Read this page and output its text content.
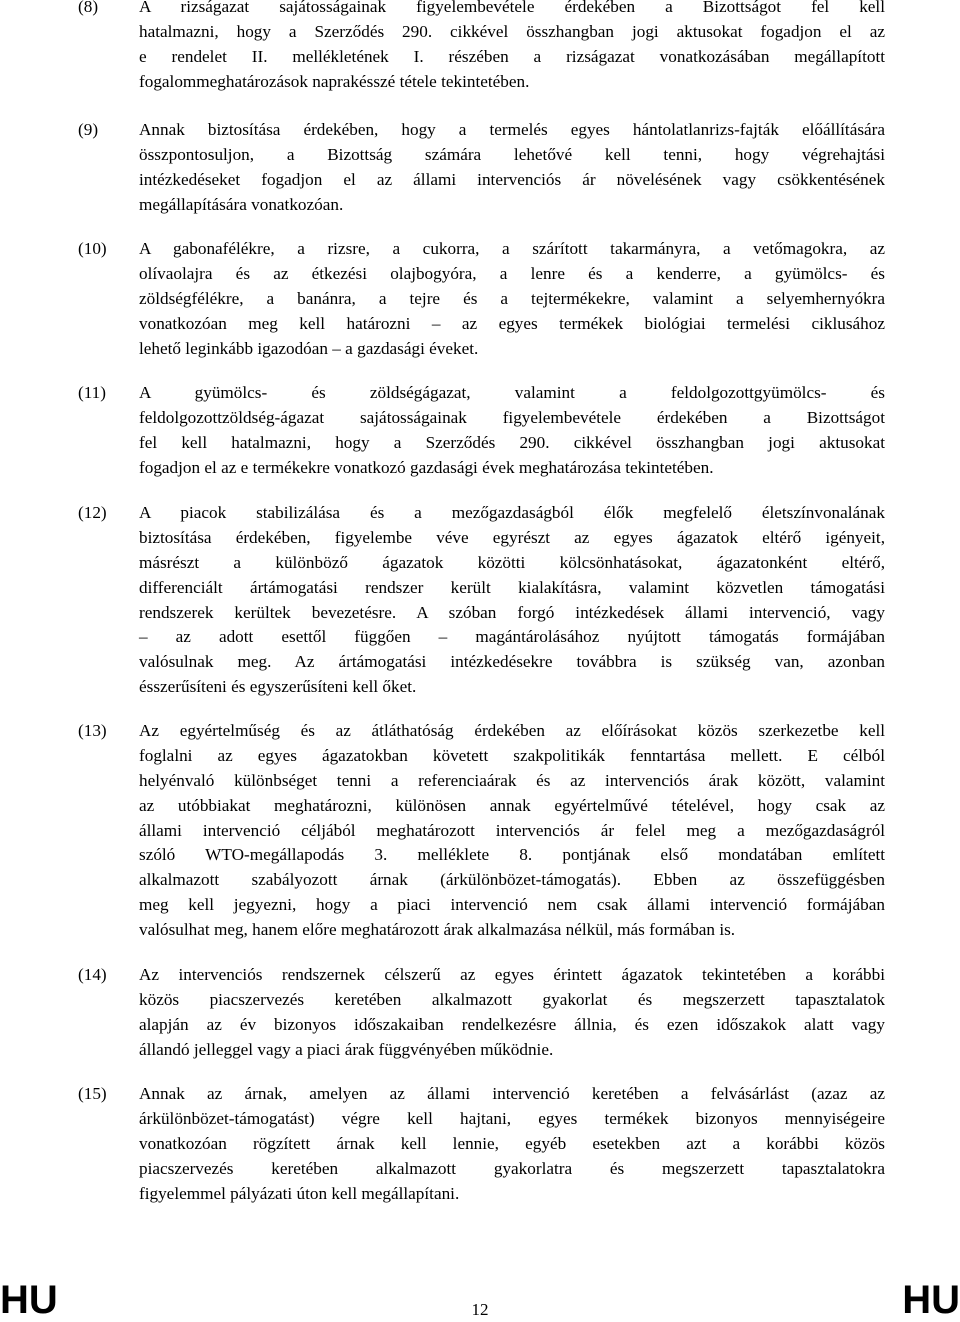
(8) A rizságazat sajátosságainak figyelembevétele érdekében a Bizottságot fel kell
hatalmazni, hogy a Szerződés 290. cikkével összhangban jogi aktusokat fogadjon el az
e rendelet II. mellékletének I. részében a rizságazat vonatkozásában megállapított
fogalommeghatározások naprakésszé tétele tekintetében.
(9) Annak biztosítása érdekében, hogy a termelés egyes hántolatlanrizs-fajták előállítására
összpontosuljon, a Bizottság számára lehetővé kell tenni, hogy végrehajtási
intézkedéseket fogadjon el az állami intervenciós ár növelésének vagy csökkentésének
megállapítására vonatkozóan.
(10) A gabonafélékre, a rizsre, a cukorra, a szárított takarmányra, a vetőmagokra, az
olívaolajra és az étkezési olajbogyóra, a lenre és a kenderre, a gyümölcs- és
zöldségfélékre, a banánra, a tejre és a tejtermékekre, valamint a selyemhernyókra
vonatkozóan meg kell határozni – az egyes termékek biológiai termelési ciklusához
lehető leginkább igazodóan – a gazdasági éveket.
(11) A gyümölcs- és zöldségágazat, valamint a feldolgozottgyümölcs- és
feldolgozottzöldség-ágazat sajátosságainak figyelembevétele érdekében a Bizottságot
fel kell hatalmazni, hogy a Szerződés 290. cikkével összhangban jogi aktusokat
fogadjon el az e termékekre vonatkozó gazdasági évek meghatározása tekintetében.
(12) A piacok stabilizálása és a mezőgazdaságból élők megfelelő életszínvonalának
biztosítása érdekében, figyelembe véve egyrészt az egyes ágazatok eltérő igényeit,
másrészt a különböző ágazatok közötti kölcsönhatásokat, ágazatonként eltérő,
differenciált ártámogatási rendszer került kialakításra, valamint közvetlen támogatási
rendszerek kerültek bevezetésre. A szóban forgó intézkedések állami intervenció, vagy
– az adott esettől függően – magántárolásához nyújtott támogatás formájában
valósulnak meg. Az ártámogatási intézkedésekre továbbra is szükség van, azonban
ésszerűsíteni és egyszerűsíteni kell őket.
(13) Az egyértelműség és az átláthatóság érdekében az előírásokat közös szerkezetbe kell
foglalni az egyes ágazatokban követett szakpolitikák fenntartása mellett. E célból
helyénvaló különbséget tenni a referenciaárak és az intervenciós árak között, valamint
az utóbbiakat meghatározni, különösen annak egyértelművé tételével, hogy csak az
állami intervenció céljából meghatározott intervenciós ár felel meg a mezőgazdaságról
szóló WTO-megállapodás 3. melléklete 8. pontjának első mondatában említett
alkalmazott szabályozott árnak (árkülönbözet-támogatás). Ebben az összefüggésben
meg kell jegyezni, hogy a piaci intervenció nem csak állami intervenció formájában
valósulhat meg, hanem előre meghatározott árak alkalmazása nélkül, más formában is.
(14) Az intervenciós rendszernek célszerű az egyes érintett ágazatok tekintetében a korábbi
közös piacszervezés keretében alkalmazott gyakorlat és megszerzett tapasztalatok
alapján az év bizonyos időszakaiban rendelkezésre állnia, és ezen időszakok alatt vagy
állandó jelleggel vagy a piaci árak függvényében működnie.
(15) Annak az árnak, amelyen az állami intervenció keretében a felvásárlást (azaz az
árkülönbözet-támogatást) végre kell hajtani, egyes termékek bizonyos mennyiségeire
vonatkozóan rögzített árnak kell lennie, egyéb esetekben azt a korábbi közös
piacszervezés keretében alkalmazott gyakorlatra és megszerzett tapasztalatokra
figyelemmel pályázati úton kell megállapítani.
HU	12	HU
